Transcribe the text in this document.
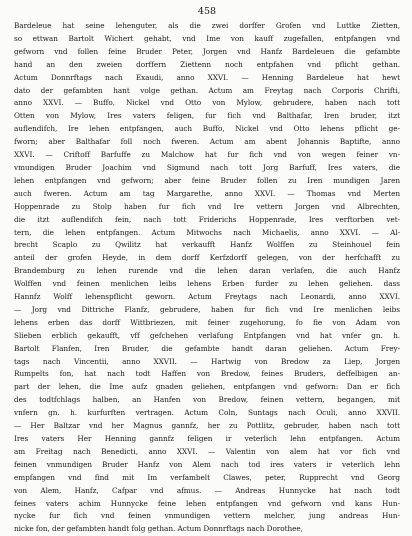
458
Bardeleue hat seine lehenguter, als die zwei dorffer Grofen vnd Luttke Zietten,
so ettwan Bartolt Wichert gehabt, vnd Ime von kauff zugefallen, entpfangen vnd
gefworn vnd follen feine Bruder Peter, Jorgen vnd Hanfz Bardeleuen die gefambte
hand an den zweien dorffern Ziettenn noch entpfahen vnd pflicht gethan.
Actum Donnrftags nach Exaudi, anno XXVI. — Henning Bardeleue hat hewt
dato der gefambten hant volge gethan. Actum am Freytag nach Corporis Chrifti,
anno XXVI. — Buffo, Nickel vnd Otto von Mylow, gebrudere, haben nach tott
Otten von Mylow, Ires vaters feligen, fur fich vnd Balthafar, Iren bruder, itzt
auflendifch, Ire lehen entpfangen, auch Buffo, Nickel vnd Otto lehens pflicht ge-
fworn; aber Balthafar foll noch fweren. Actum am abent Johannis Baptifte, anno
XXVI. — Criftoff Barfuffe zu Malchow hat fur fich vnd von wegen feiner vn-
vmundigen Bruder Joachim vnd Sigmund nach tott Jorg Barfuff, Ires vaters, die
lehen entpfangen vnd gefworn; aber feine Bruder follen zu Iren mundigen Jaren
auch fweren. Actum am tag Margarethe, anno XXVI. — Thomas vnd Merten
Hoppenrade zu Stolp haben fur fich vnd Ire vettern Jorgen vnd Albrechten,
die itzt auflendifch fein, nach tott Friderichs Hoppenrade, Ires verftorben vet-
tern, die lehen entpfangen. Actum Mitwochs nach Michaelis, anno XXVI. — Al-
brecht Scaplo zu Qwilitz hat verkaufft Hanfz Wolffen zu Steinhouel fein
anteil der grofen Heyde, in dem dorff Kerfzdorff gelegen, von der herfchafft zu
Brandemburg zu lehen rurende vnd die lehen daran verlafen, die auch Hanfz
Wolffen vnd feinen menlichen leibs lehens Erben furder zu lehen geliehen. dass
Hannfz Wolff lehenspflicht geworn. Actum Freytags nach Leonardi, anno XXVI.
— Jorg vnd Dittriche Flanfz, gebrudere, haben fur fich vnd Ire menlichen leibs
lehens erben das dorff Wittbriezen, mit feiner zugehorung, fo fie von Adam von
Slieben erblich gekaufft, vff gefchehen verlafung Entpfangen vnd hat vnfer gn. h.
Bartolt Flanfen, Iren Bruder, die gefambte handt daran geliehen. Actum Frey-
tags nach Vincentii, anno XXVII. — Hartwig von Bredow za Liep, Jorgen
Rumpelts fon, hat nach todt Haffen von Bredow, feines Bruders, deffelbigen an-
part der lehen, die Ime aufz gnaden geliehen, entpfangen vnd gefworn: Dan er fich
des todtfchlags halben, an Hanfen von Bredow, feinen vettern, begangen, mit
vnfern gn. h. kurfurften vertragen. Actum Coln, Suntags nach Oculi, anno XXVII.
— Her Baltzar vnd her Magnus gannfz, her zu Pottlitz, gebruder, haben nach tott
Ires vaters Her Henning gannfz feligen ir veterlich lehn entpfangen. Actum
am Freitag nach Benedicti, anno XXVI. — Valentin von alem hat vor fich vnd
feinen vnmundigen Bruder Hanfz von Alem nach tod ires vaters ir veterlich lehn
empfangen vnd find mit Im verfambelt Clawes, peter, Rupprecht vnd Georg
von Alem, Hanfz, Cafpar vnd afmus. — Andreas Hunnycke hat nach todt
feines vaters achim Hunnycke feine lehen entpfangen vnd gefworn vnd kans Hun-
nycke fur fich vnd feinen vnmundigen vettern melcher, jung andreas Hun-
nicke fon, der gefambten handt folg gethan. Actum Donnrftags nach Dorothee,
